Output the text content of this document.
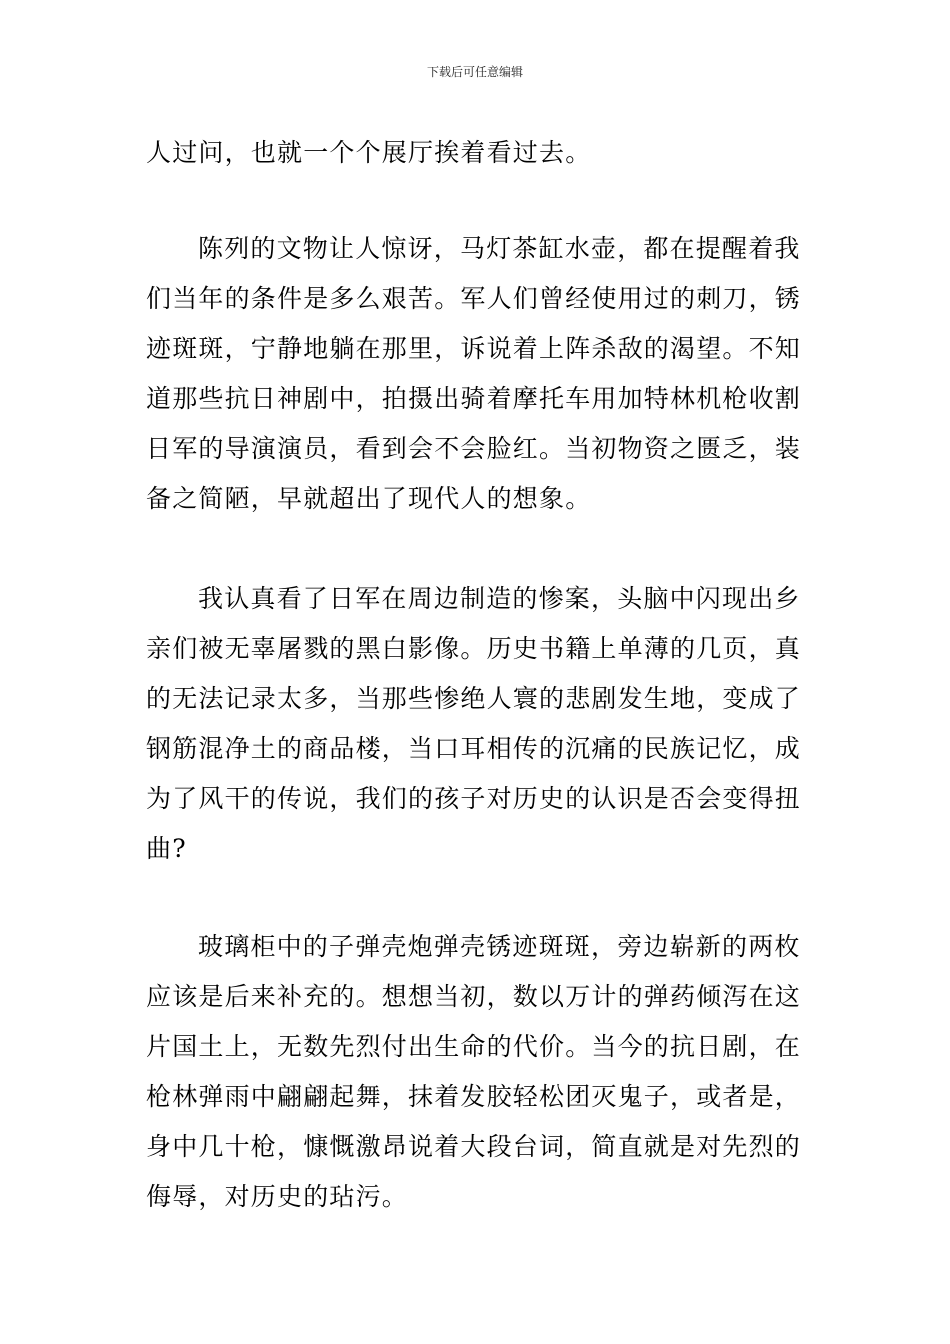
下载后可任意编辑
人过问，也就一个个展厅挨着看过去。
陈列的文物让人惊讶，马灯茶缸水壶，都在提醒着我
们当年的条件是多么艰苦。军人们曾经使用过的刺刀，锈
迹斑斑，宁静地躺在那里，诉说着上阵杀敌的渴望。不知
道那些抗日神剧中，拍摄出骑着摩托车用加特林机枪收割
日军的导演演员，看到会不会脸红。当初物资之匮乏，装
备之简陋，早就超出了现代人的想象。
我认真看了日军在周边制造的惨案，头脑中闪现出乡
亲们被无辜屠戮的黑白影像。历史书籍上单薄的几页，真
的无法记录太多，当那些惨绝人寰的悲剧发生地，变成了
钢筋混净土的商品楼，当口耳相传的沉痛的民族记忆，成
为了风干的传说，我们的孩子对历史的认识是否会变得扭
曲?
玻璃柜中的子弹壳炮弹壳锈迹斑斑，旁边崭新的两枚
应该是后来补充的。想想当初，数以万计的弹药倾泻在这
片国土上，无数先烈付出生命的代价。当今的抗日剧，在
枪林弹雨中翩翩起舞，抹着发胶轻松团灭鬼子，或者是，
身中几十枪，慷慨激昂说着大段台词，简直就是对先烈的
侮辱，对历史的玷污。
